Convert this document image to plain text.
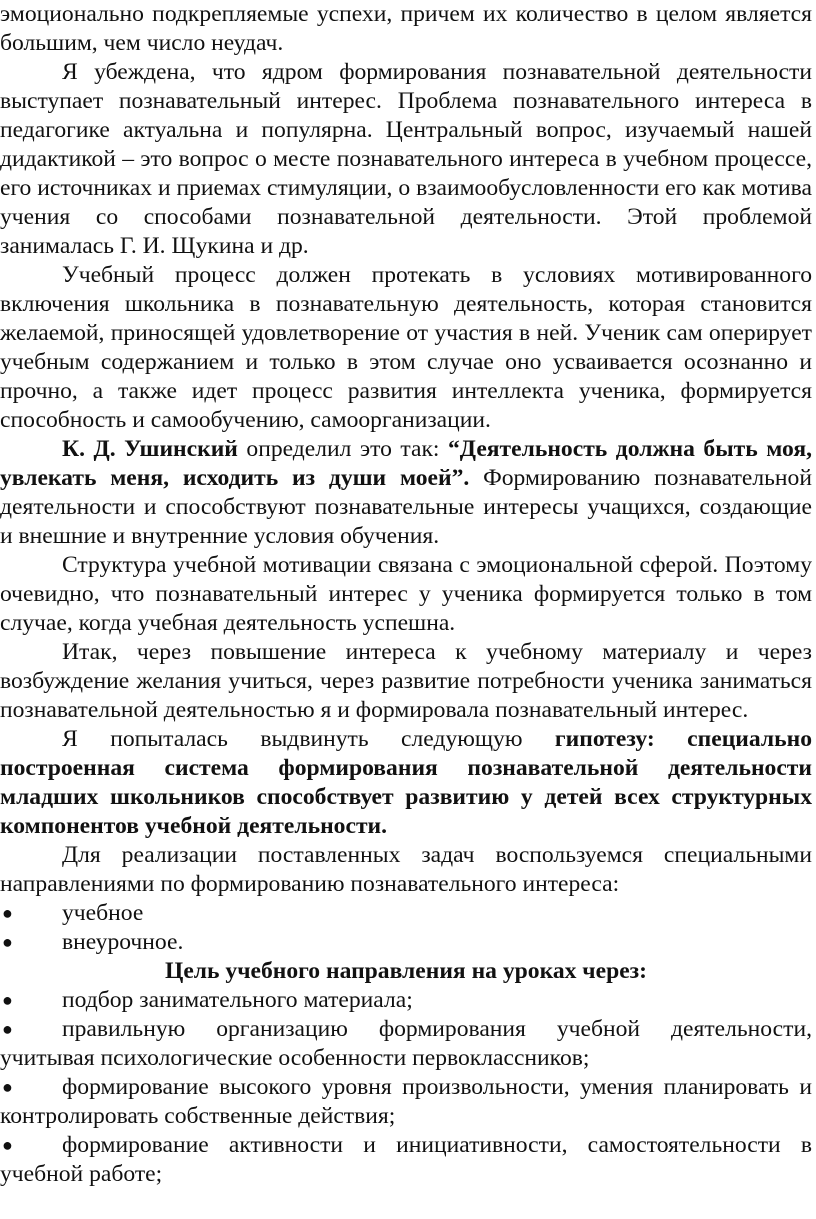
эмоционально подкрепляемые успехи, причем их количество в целом является большим, чем число неудач.

Я убеждена, что ядром формирования познавательной деятельности выступает познавательный интерес. Проблема познавательного интереса в педагогике актуальна и популярна. Центральный вопрос, изучаемый нашей дидактикой – это вопрос о месте познавательного интереса в учебном процессе, его источниках и приемах стимуляции, о взаимообусловленности его как мотива учения со способами познавательной деятельности. Этой проблемой занималась Г. И. Щукина и др.

Учебный процесс должен протекать в условиях мотивированного включения школьника в познавательную деятельность, которая становится желаемой, приносящей удовлетворение от участия в ней. Ученик сам оперирует учебным содержанием и только в этом случае оно усваивается осознанно и прочно, а также идет процесс развития интеллекта ученика, формируется способность и самообучению, самоорганизации.

К. Д. Ушинский определил это так: “Деятельность должна быть моя, увлекать меня, исходить из души моей”. Формированию познавательной деятельности и способствуют познавательные интересы учащихся, создающие и внешние и внутренние условия обучения.

Структура учебной мотивации связана с эмоциональной сферой. Поэтому очевидно, что познавательный интерес у ученика формируется только в том случае, когда учебная деятельность успешна.

Итак, через повышение интереса к учебному материалу и через возбуждение желания учиться, через развитие потребности ученика заниматься познавательной деятельностью я и формировала познавательный интерес.

Я попыталась выдвинуть следующую гипотезу: специально построенная система формирования познавательной деятельности младших школьников способствует развитию у детей всех структурных компонентов учебной деятельности.

Для реализации поставленных задач воспользуемся специальными направлениями по формированию познавательного интереса:

● учебное
● внеурочное.
Цель учебного направления на уроках через:
● подбор занимательного материала;
● правильную организацию формирования учебной деятельности, учитывая психологические особенности первоклассников;
● формирование высокого уровня произвольности, умения планировать и контролировать собственные действия;
● формирование активности и инициативности, самостоятельности в учебной работе;
